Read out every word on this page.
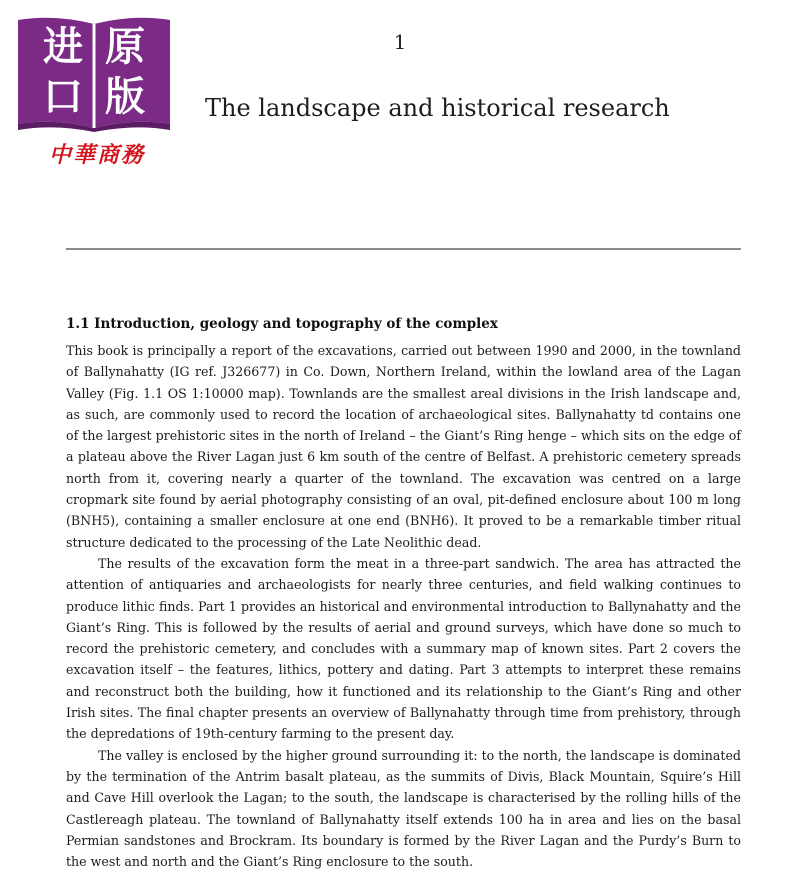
进 原
口 版
中華商務
1
The landscape and historical research
1.1 Introduction, geology and topography of the complex

This book is principally a report of the excavations, carried out between 1990 and 2000, in the townland of Ballynahatty (IG ref. J326677) in Co. Down, Northern Ireland, within the lowland area of the Lagan Valley (Fig. 1.1 OS 1:10000 map). Townlands are the smallest areal divisions in the Irish landscape and, as such, are commonly used to record the location of archaeological sites. Ballynahatty td contains one of the largest prehistoric sites in the north of Ireland – the Giant’s Ring henge – which sits on the edge of a plateau above the River Lagan just 6 km south of the centre of Belfast. A prehistoric cemetery spreads north from it, covering nearly a quarter of the townland. The excavation was centred on a large cropmark site found by aerial photography consisting of an oval, pit-defined enclosure about 100 m long (BNH5), containing a smaller enclosure at one end (BNH6). It proved to be a remarkable timber ritual structure dedicated to the processing of the Late Neolithic dead.

The results of the excavation form the meat in a three-part sandwich. The area has attracted the attention of antiquaries and archaeologists for nearly three centuries, and field walking continues to produce lithic finds. Part 1 provides an historical and environmental introduction to Ballynahatty and the Giant’s Ring. This is followed by the results of aerial and ground surveys, which have done so much to record the prehistoric cemetery, and concludes with a summary map of known sites. Part 2 covers the excavation itself – the features, lithics, pottery and dating. Part 3 attempts to interpret these remains and reconstruct both the building, how it functioned and its relationship to the Giant’s Ring and other Irish sites. The final chapter presents an overview of Ballynahatty through time from prehistory, through the depredations of 19th-century farming to the present day.

The valley is enclosed by the higher ground surrounding it: to the north, the landscape is dominated by the termination of the Antrim basalt plateau, as the summits of Divis, Black Mountain, Squire’s Hill and Cave Hill overlook the Lagan; to the south, the landscape is characterised by the rolling hills of the Castlereagh plateau. The townland of Ballynahatty itself extends 100 ha in area and lies on the basal Permian sandstones and Brockram. Its boundary is formed by the River Lagan and the Purdy’s Burn to the west and north and the Giant’s Ring enclosure to the south.
